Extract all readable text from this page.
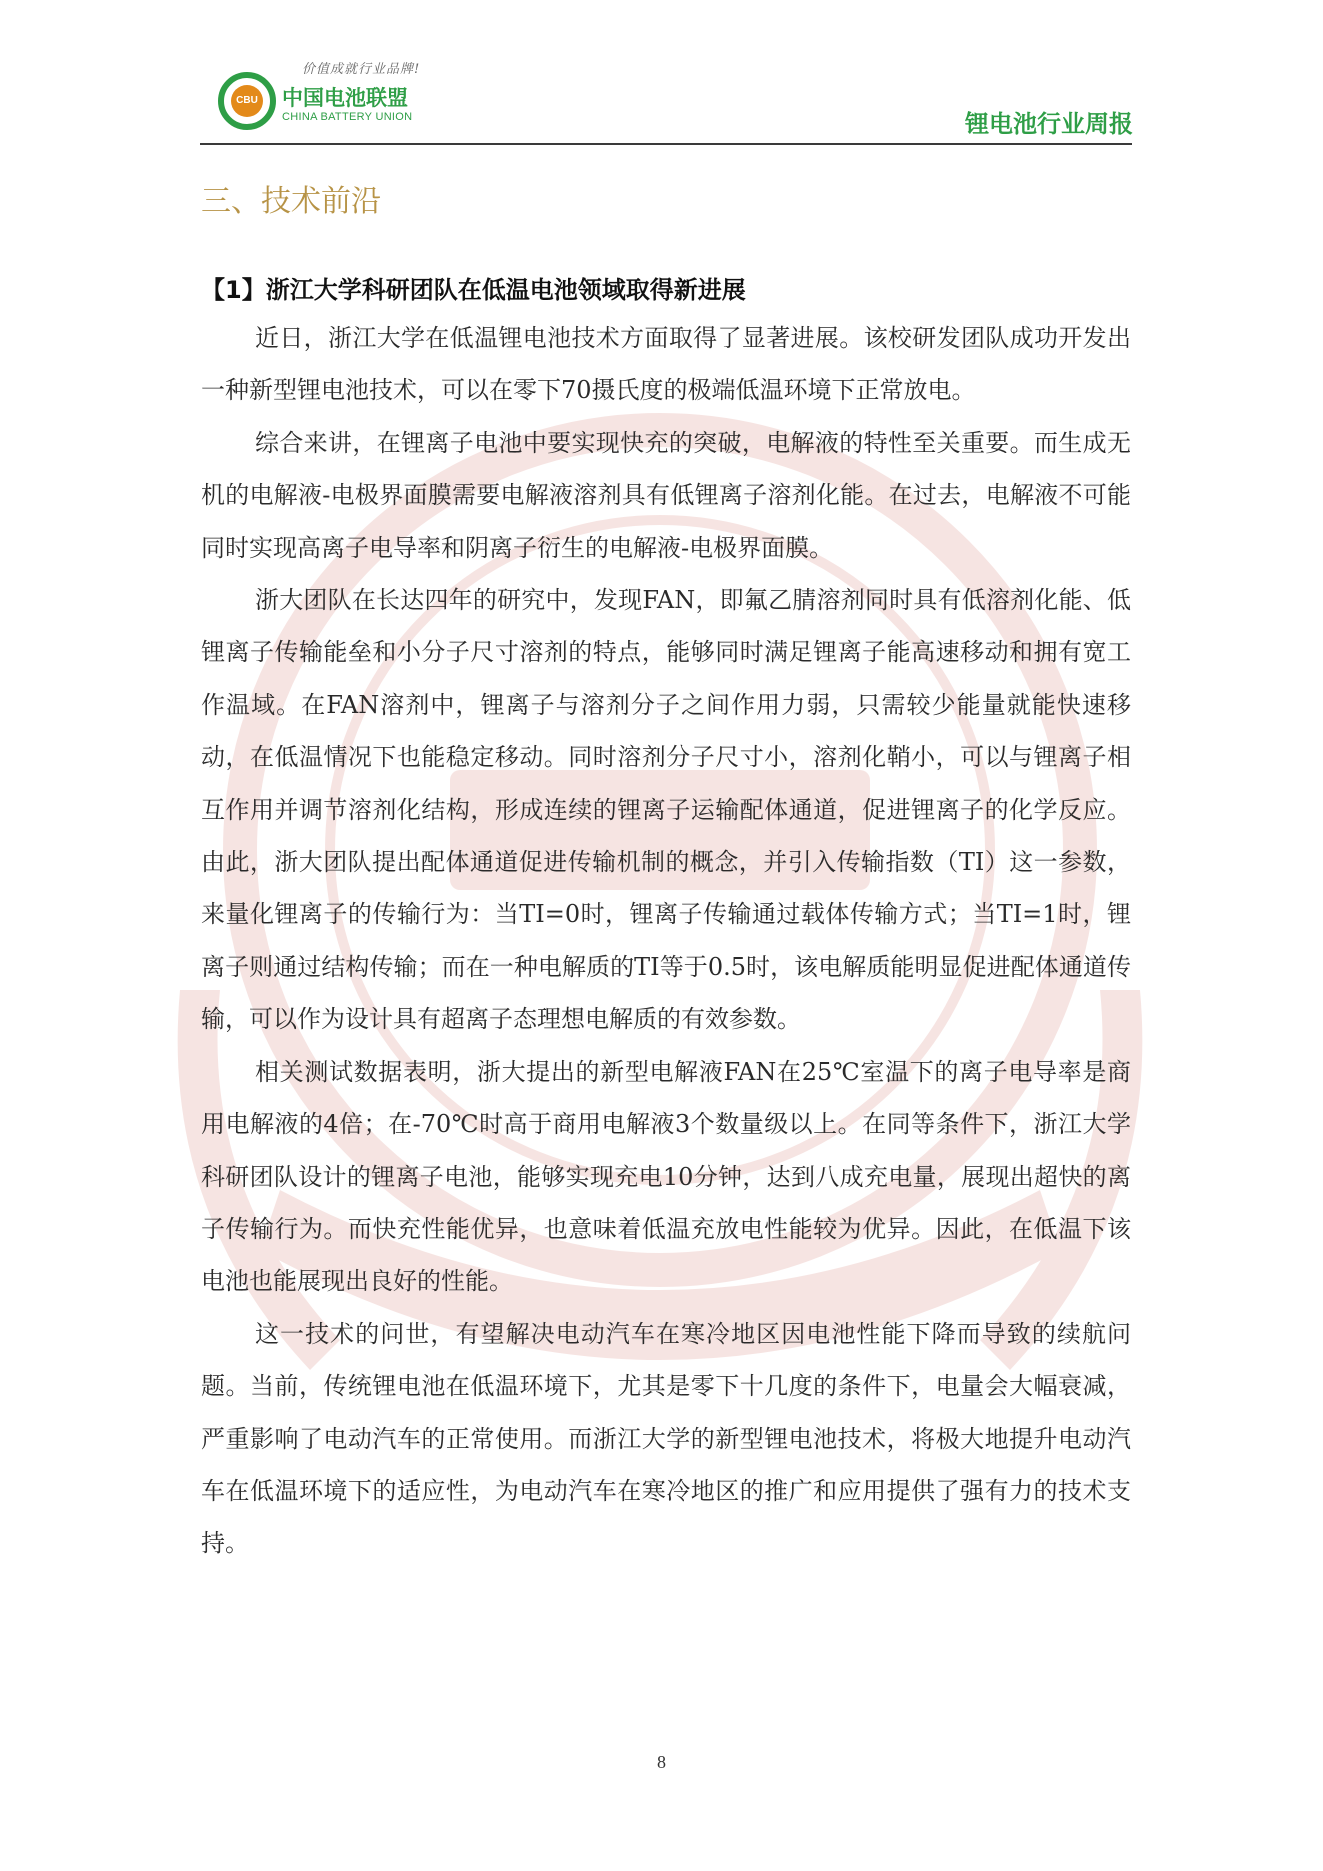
CBU
价值成就行业品牌!
中国电池联盟
CHINA BATTERY UNION	锂电池行业周报
三、技术前沿
【1】浙江大学科研团队在低温电池领域取得新进展

近日，浙江大学在低温锂电池技术方面取得了显著进展。该校研发团队成功开发出一种新型锂电池技术，可以在零下70摄氏度的极端低温环境下正常放电。

综合来讲，在锂离子电池中要实现快充的突破，电解液的特性至关重要。而生成无机的电解液-电极界面膜需要电解液溶剂具有低锂离子溶剂化能。在过去，电解液不可能同时实现高离子电导率和阴离子衍生的电解液-电极界面膜。

浙大团队在长达四年的研究中，发现FAN，即氟乙腈溶剂同时具有低溶剂化能、低锂离子传输能垒和小分子尺寸溶剂的特点，能够同时满足锂离子能高速移动和拥有宽工作温域。在FAN溶剂中，锂离子与溶剂分子之间作用力弱，只需较少能量就能快速移动，在低温情况下也能稳定移动。同时溶剂分子尺寸小，溶剂化鞘小，可以与锂离子相互作用并调节溶剂化结构，形成连续的锂离子运输配体通道，促进锂离子的化学反应。由此，浙大团队提出配体通道促进传输机制的概念，并引入传输指数（TI）这一参数，来量化锂离子的传输行为：当TI=0时，锂离子传输通过载体传输方式；当TI=1时，锂离子则通过结构传输；而在一种电解质的TI等于0.5时，该电解质能明显促进配体通道传输，可以作为设计具有超离子态理想电解质的有效参数。

相关测试数据表明，浙大提出的新型电解液FAN在25℃室温下的离子电导率是商用电解液的4倍；在-70℃时高于商用电解液3个数量级以上。在同等条件下，浙江大学科研团队设计的锂离子电池，能够实现充电10分钟，达到八成充电量，展现出超快的离子传输行为。而快充性能优异，也意味着低温充放电性能较为优异。因此，在低温下该电池也能展现出良好的性能。

这一技术的问世，有望解决电动汽车在寒冷地区因电池性能下降而导致的续航问题。当前，传统锂电池在低温环境下，尤其是零下十几度的条件下，电量会大幅衰减，严重影响了电动汽车的正常使用。而浙江大学的新型锂电池技术，将极大地提升电动汽车在低温环境下的适应性，为电动汽车在寒冷地区的推广和应用提供了强有力的技术支持。

8
